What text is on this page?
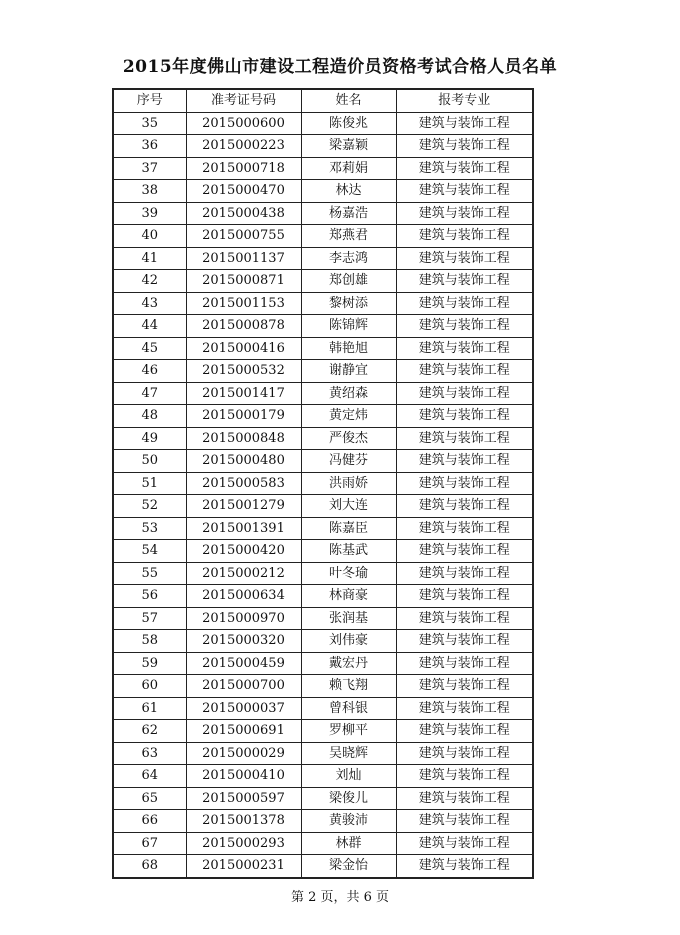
2015年度佛山市建设工程造价员资格考试合格人员名单
序号	准考证号码	姓名	报考专业
35	2015000600	陈俊兆	建筑与装饰工程
36	2015000223	梁嘉颖	建筑与装饰工程
37	2015000718	邓莉娟	建筑与装饰工程
38	2015000470	林达	建筑与装饰工程
39	2015000438	杨嘉浩	建筑与装饰工程
40	2015000755	郑燕君	建筑与装饰工程
41	2015001137	李志鸿	建筑与装饰工程
42	2015000871	郑创雄	建筑与装饰工程
43	2015001153	黎树添	建筑与装饰工程
44	2015000878	陈锦辉	建筑与装饰工程
45	2015000416	韩艳旭	建筑与装饰工程
46	2015000532	谢静宜	建筑与装饰工程
47	2015001417	黄绍森	建筑与装饰工程
48	2015000179	黄定炜	建筑与装饰工程
49	2015000848	严俊杰	建筑与装饰工程
50	2015000480	冯健芬	建筑与装饰工程
51	2015000583	洪雨娇	建筑与装饰工程
52	2015001279	刘大连	建筑与装饰工程
53	2015001391	陈嘉臣	建筑与装饰工程
54	2015000420	陈基武	建筑与装饰工程
55	2015000212	叶冬瑜	建筑与装饰工程
56	2015000634	林商豪	建筑与装饰工程
57	2015000970	张润基	建筑与装饰工程
58	2015000320	刘伟豪	建筑与装饰工程
59	2015000459	戴宏丹	建筑与装饰工程
60	2015000700	赖飞翔	建筑与装饰工程
61	2015000037	曾科银	建筑与装饰工程
62	2015000691	罗柳平	建筑与装饰工程
63	2015000029	吴晓辉	建筑与装饰工程
64	2015000410	刘灿	建筑与装饰工程
65	2015000597	梁俊儿	建筑与装饰工程
66	2015001378	黄骏沛	建筑与装饰工程
67	2015000293	林群	建筑与装饰工程
68	2015000231	梁金怡	建筑与装饰工程
第 2 页，共 6 页
